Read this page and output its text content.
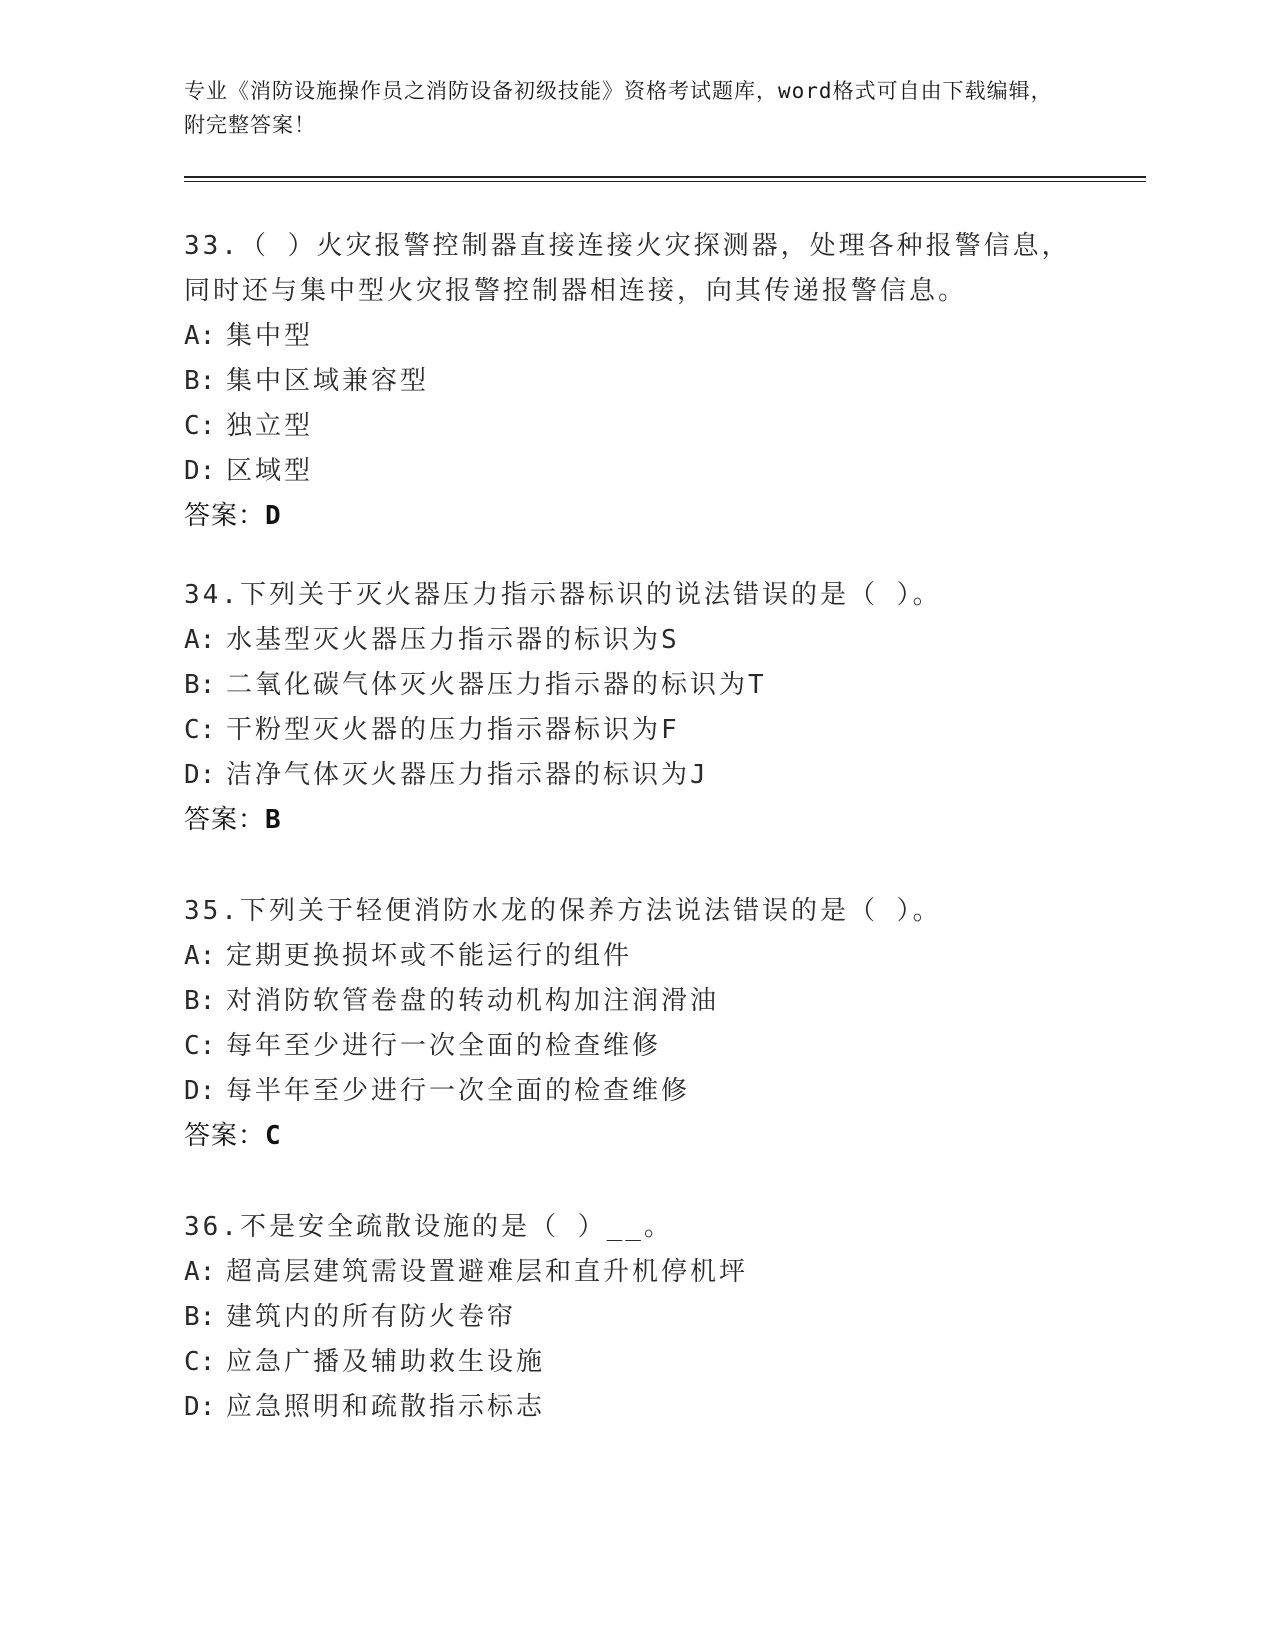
专业《消防设施操作员之消防设备初级技能》资格考试题库，word格式可自由下载编辑，附完整答案！
33.（ ）火灾报警控制器直接连接火灾探测器，处理各种报警信息，同时还与集中型火灾报警控制器相连接，向其传递报警信息。
A: 集中型
B: 集中区域兼容型
C: 独立型
D: 区域型
答案：D
34.下列关于灭火器压力指示器标识的说法错误的是（ ）。
A: 水基型灭火器压力指示器的标识为S
B: 二氧化碳气体灭火器压力指示器的标识为T
C: 干粉型灭火器的压力指示器标识为F
D: 洁净气体灭火器压力指示器的标识为J
答案：B
35.下列关于轻便消防水龙的保养方法说法错误的是（ ）。
A: 定期更换损坏或不能运行的组件
B: 对消防软管卷盘的转动机构加注润滑油
C: 每年至少进行一次全面的检查维修
D: 每半年至少进行一次全面的检查维修
答案：C
36.不是安全疏散设施的是（ ）__。
A: 超高层建筑需设置避难层和直升机停机坪
B: 建筑内的所有防火卷帘
C: 应急广播及辅助救生设施
D: 应急照明和疏散指示标志
